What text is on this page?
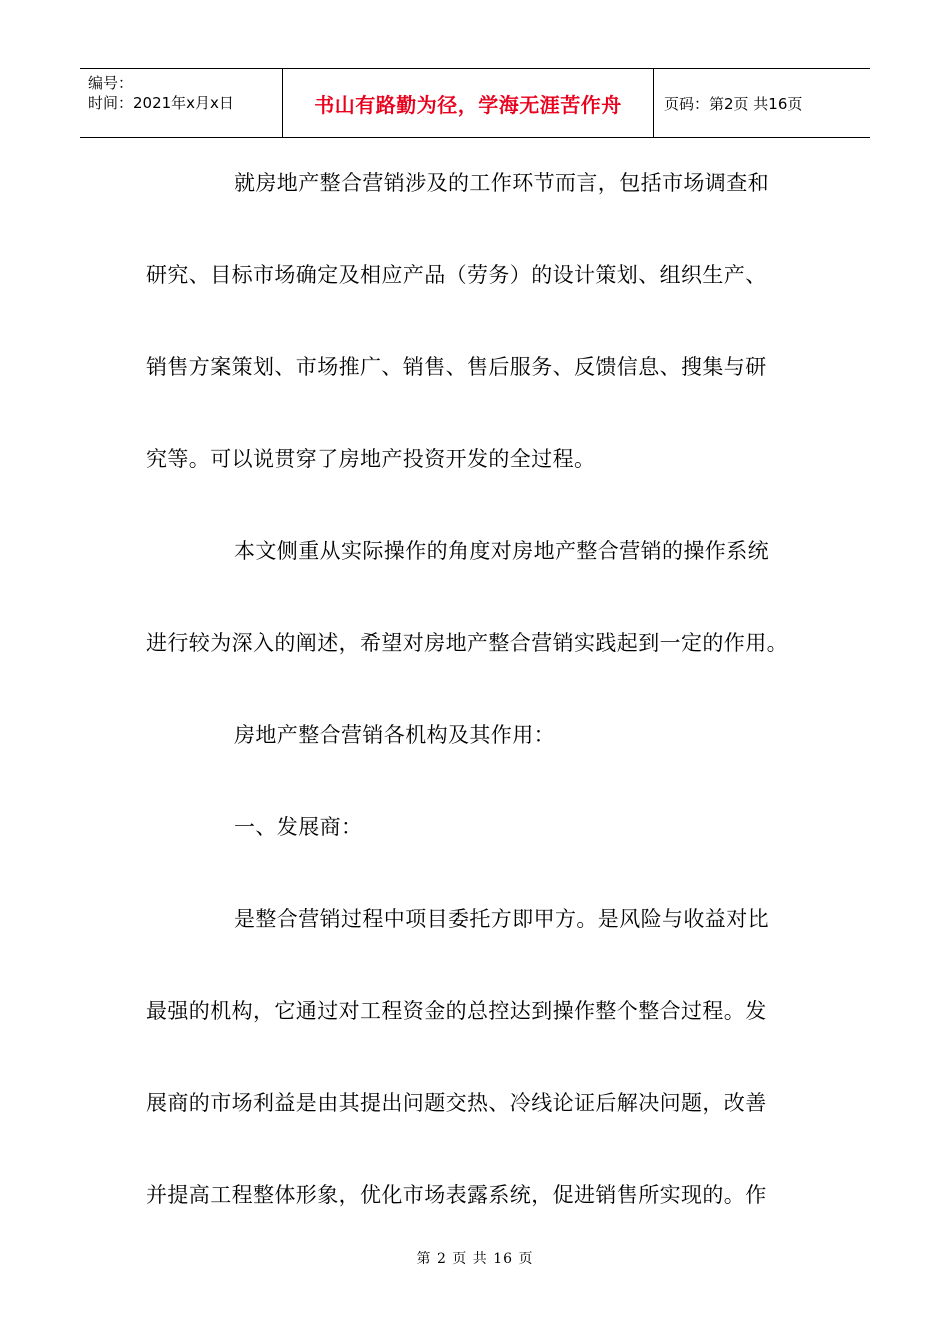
编号：
时间：2021年x月x日	书山有路勤为径，学海无涯苦作舟	页码：第2页 共16页
就房地产整合营销涉及的工作环节而言，包括市场调查和
研究、目标市场确定及相应产品（劳务）的设计策划、组织生产、
销售方案策划、市场推广、销售、售后服务、反馈信息、搜集与研
究等。可以说贯穿了房地产投资开发的全过程。
本文侧重从实际操作的角度对房地产整合营销的操作系统
进行较为深入的阐述，希望对房地产整合营销实践起到一定的作用。
房地产整合营销各机构及其作用：
一、发展商：
是整合营销过程中项目委托方即甲方。是风险与收益对比
最强的机构，它通过对工程资金的总控达到操作整个整合过程。发
展商的市场利益是由其提出问题交热、冷线论证后解决问题，改善
并提高工程整体形象，优化市场表露系统，促进销售所实现的。作
第 2 页 共 16 页
